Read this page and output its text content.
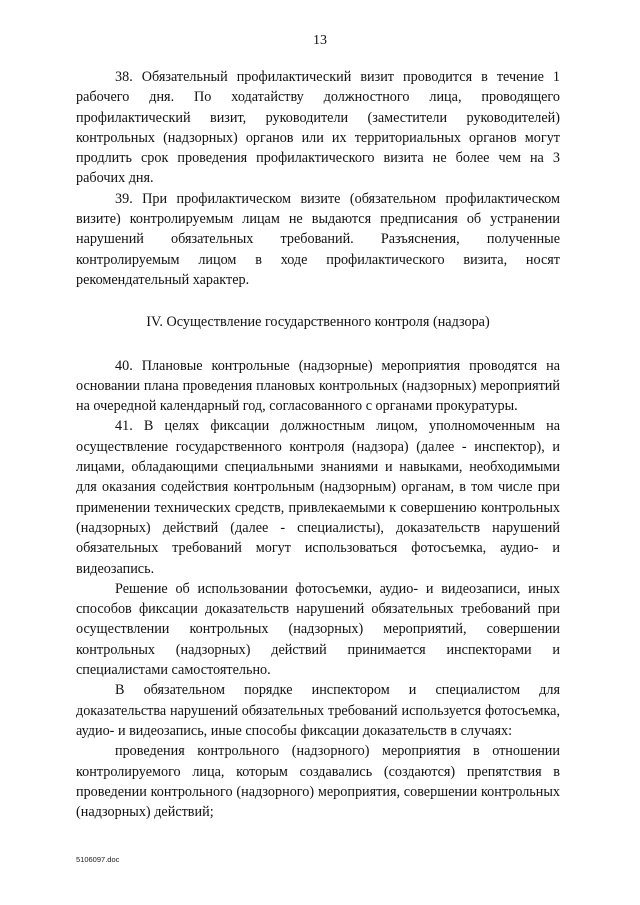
13

38. Обязательный профилактический визит проводится в течение 1 рабочего дня. По ходатайству должностного лица, проводящего профилактический визит, руководители (заместители руководителей) контрольных (надзорных) органов или их территориальных органов могут продлить срок проведения профилактического визита не более чем на 3 рабочих дня.

39. При профилактическом визите (обязательном профилактическом визите) контролируемым лицам не выдаются предписания об устранении нарушений обязательных требований. Разъяснения, полученные контролируемым лицом в ходе профилактического визита, носят рекомендательный характер.

IV. Осуществление государственного контроля (надзора)

40. Плановые контрольные (надзорные) мероприятия проводятся на основании плана проведения плановых контрольных (надзорных) мероприятий на очередной календарный год, согласованного с органами прокуратуры.

41. В целях фиксации должностным лицом, уполномоченным на осуществление государственного контроля (надзора) (далее - инспектор), и лицами, обладающими специальными знаниями и навыками, необходимыми для оказания содействия контрольным (надзорным) органам, в том числе при применении технических средств, привлекаемыми к совершению контрольных (надзорных) действий (далее - специалисты), доказательств нарушений обязательных требований могут использоваться фотосъемка, аудио- и видеозапись.

Решение об использовании фотосъемки, аудио- и видеозаписи, иных способов фиксации доказательств нарушений обязательных требований при осуществлении контрольных (надзорных) мероприятий, совершении контрольных (надзорных) действий принимается инспекторами и специалистами самостоятельно.

В обязательном порядке инспектором и специалистом для доказательства нарушений обязательных требований используется фотосъемка, аудио- и видеозапись, иные способы фиксации доказательств в случаях:

проведения контрольного (надзорного) мероприятия в отношении контролируемого лица, которым создавались (создаются) препятствия в проведении контрольного (надзорного) мероприятия, совершении контрольных (надзорных) действий;

5106097.doc
